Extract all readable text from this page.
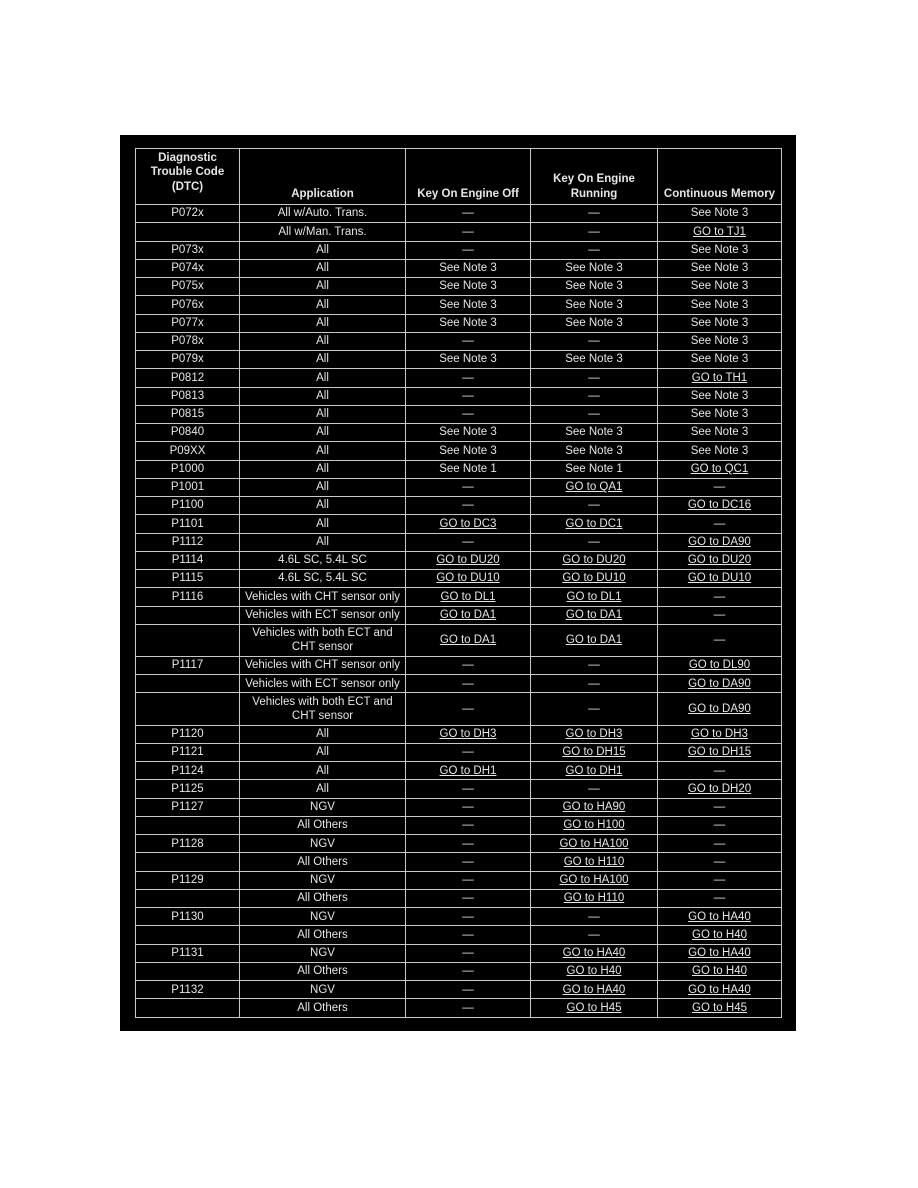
Diagnostic Trouble Code (DTC)	Application	Key On Engine Off	Key On Engine Running	Continuous Memory
P072x	All w/Auto. Trans.	—	—	See Note 3
	All w/Man. Trans.	—	—	GO to TJ1
P073x	All	—	—	See Note 3
P074x	All	See Note 3	See Note 3	See Note 3
P075x	All	See Note 3	See Note 3	See Note 3
P076x	All	See Note 3	See Note 3	See Note 3
P077x	All	See Note 3	See Note 3	See Note 3
P078x	All	—	—	See Note 3
P079x	All	See Note 3	See Note 3	See Note 3
P0812	All	—	—	GO to TH1
P0813	All	—	—	See Note 3
P0815	All	—	—	See Note 3
P0840	All	See Note 3	See Note 3	See Note 3
P09XX	All	See Note 3	See Note 3	See Note 3
P1000	All	See Note 1	See Note 1	GO to QC1
P1001	All	—	GO to QA1	—
P1100	All	—	—	GO to DC16
P1101	All	GO to DC3	GO to DC1	—
P1112	All	—	—	GO to DA90
P1114	4.6L SC, 5.4L SC	GO to DU20	GO to DU20	GO to DU20
P1115	4.6L SC, 5.4L SC	GO to DU10	GO to DU10	GO to DU10
P1116	Vehicles with CHT sensor only	GO to DL1	GO to DL1	—
	Vehicles with ECT sensor only	GO to DA1	GO to DA1	—
	Vehicles with both ECT and CHT sensor	GO to DA1	GO to DA1	—
P1117	Vehicles with CHT sensor only	—	—	GO to DL90
	Vehicles with ECT sensor only	—	—	GO to DA90
	Vehicles with both ECT and CHT sensor	—	—	GO to DA90
P1120	All	GO to DH3	GO to DH3	GO to DH3
P1121	All	—	GO to DH15	GO to DH15
P1124	All	GO to DH1	GO to DH1	—
P1125	All	—	—	GO to DH20
P1127	NGV	—	GO to HA90	—
	All Others	—	GO to H100	—
P1128	NGV	—	GO to HA100	—
	All Others	—	GO to H110	—
P1129	NGV	—	GO to HA100	—
	All Others	—	GO to H110	—
P1130	NGV	—	—	GO to HA40
	All Others	—	—	GO to H40
P1131	NGV	—	GO to HA40	GO to HA40
	All Others	—	GO to H40	GO to H40
P1132	NGV	—	GO to HA40	GO to HA40
	All Others	—	GO to H45	GO to H45
